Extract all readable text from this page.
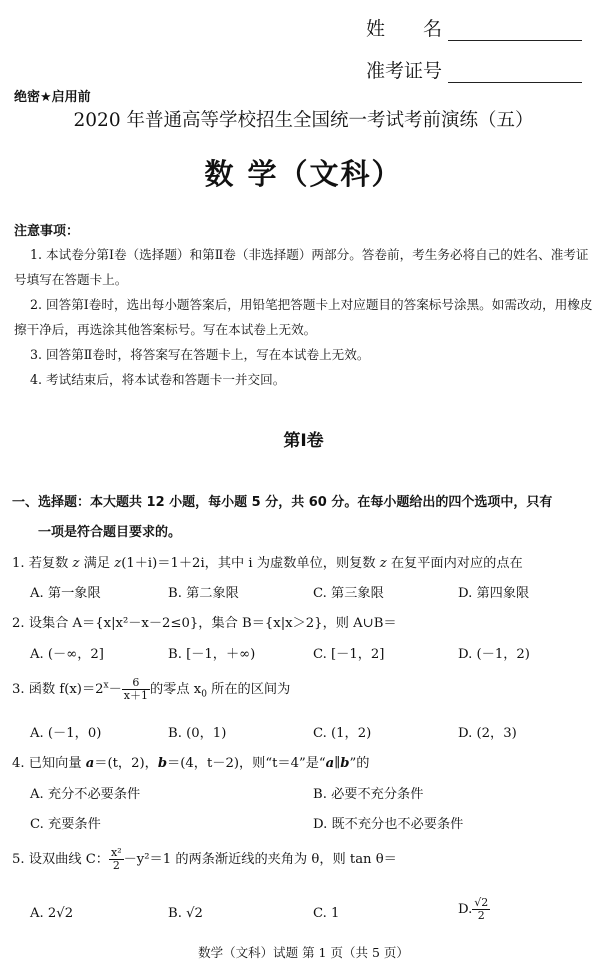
姓　　名
准考证号
绝密★启用前
2020 年普通高等学校招生全国统一考试考前演练（五）
数 学（文科）
注意事项：
1. 本试卷分第Ⅰ卷（选择题）和第Ⅱ卷（非选择题）两部分。答卷前，考生务必将自己的姓名、准考证号填写在答题卡上。
2. 回答第Ⅰ卷时，选出每小题答案后，用铅笔把答题卡上对应题目的答案标号涂黑。如需改动，用橡皮擦干净后，再选涂其他答案标号。写在本试卷上无效。
3. 回答第Ⅱ卷时，将答案写在答题卡上，写在本试卷上无效。
4. 考试结束后，将本试卷和答题卡一并交回。
第Ⅰ卷
一、选择题：本大题共 12 小题，每小题 5 分，共 60 分。在每小题给出的四个选项中，只有
一项是符合题目要求的。
1. 若复数 z 满足 z(1＋i)＝1＋2i，其中 i 为虚数单位，则复数 z 在复平面内对应的点在
A. 第一象限	B. 第二象限	C. 第三象限	D. 第四象限
2. 设集合 A＝{x|x²－x－2≤0}，集合 B＝{x|x＞2}，则 A∪B＝
A. (－∞，2]	B. [－1，＋∞)	C. [－1，2]	D. (－1，2)
3. 函数 $f(x)=2^x- \frac{6}{x+1}$ 的零点 $x_0$ 所在的区间为
A. (－1，0)	B. (0，1)	C. (1，2)	D. (2，3)
4. 已知向量 a＝(t，2)，b＝(4，t－2)，则“t＝4”是“a∥b”的
A. 充分不必要条件	B. 必要不充分条件
C. 充要条件	D. 既不充分也不必要条件
5. 设双曲线 C： $\frac{\text{x²}}{2} -y^2=1$ 的两条渐近线的夹角为 θ，则 tan θ＝
A. 2√2	B. √2	C. 1	D. $\frac{√2}{2}$
数学（文科）试题 第 1 页（共 5 页）
